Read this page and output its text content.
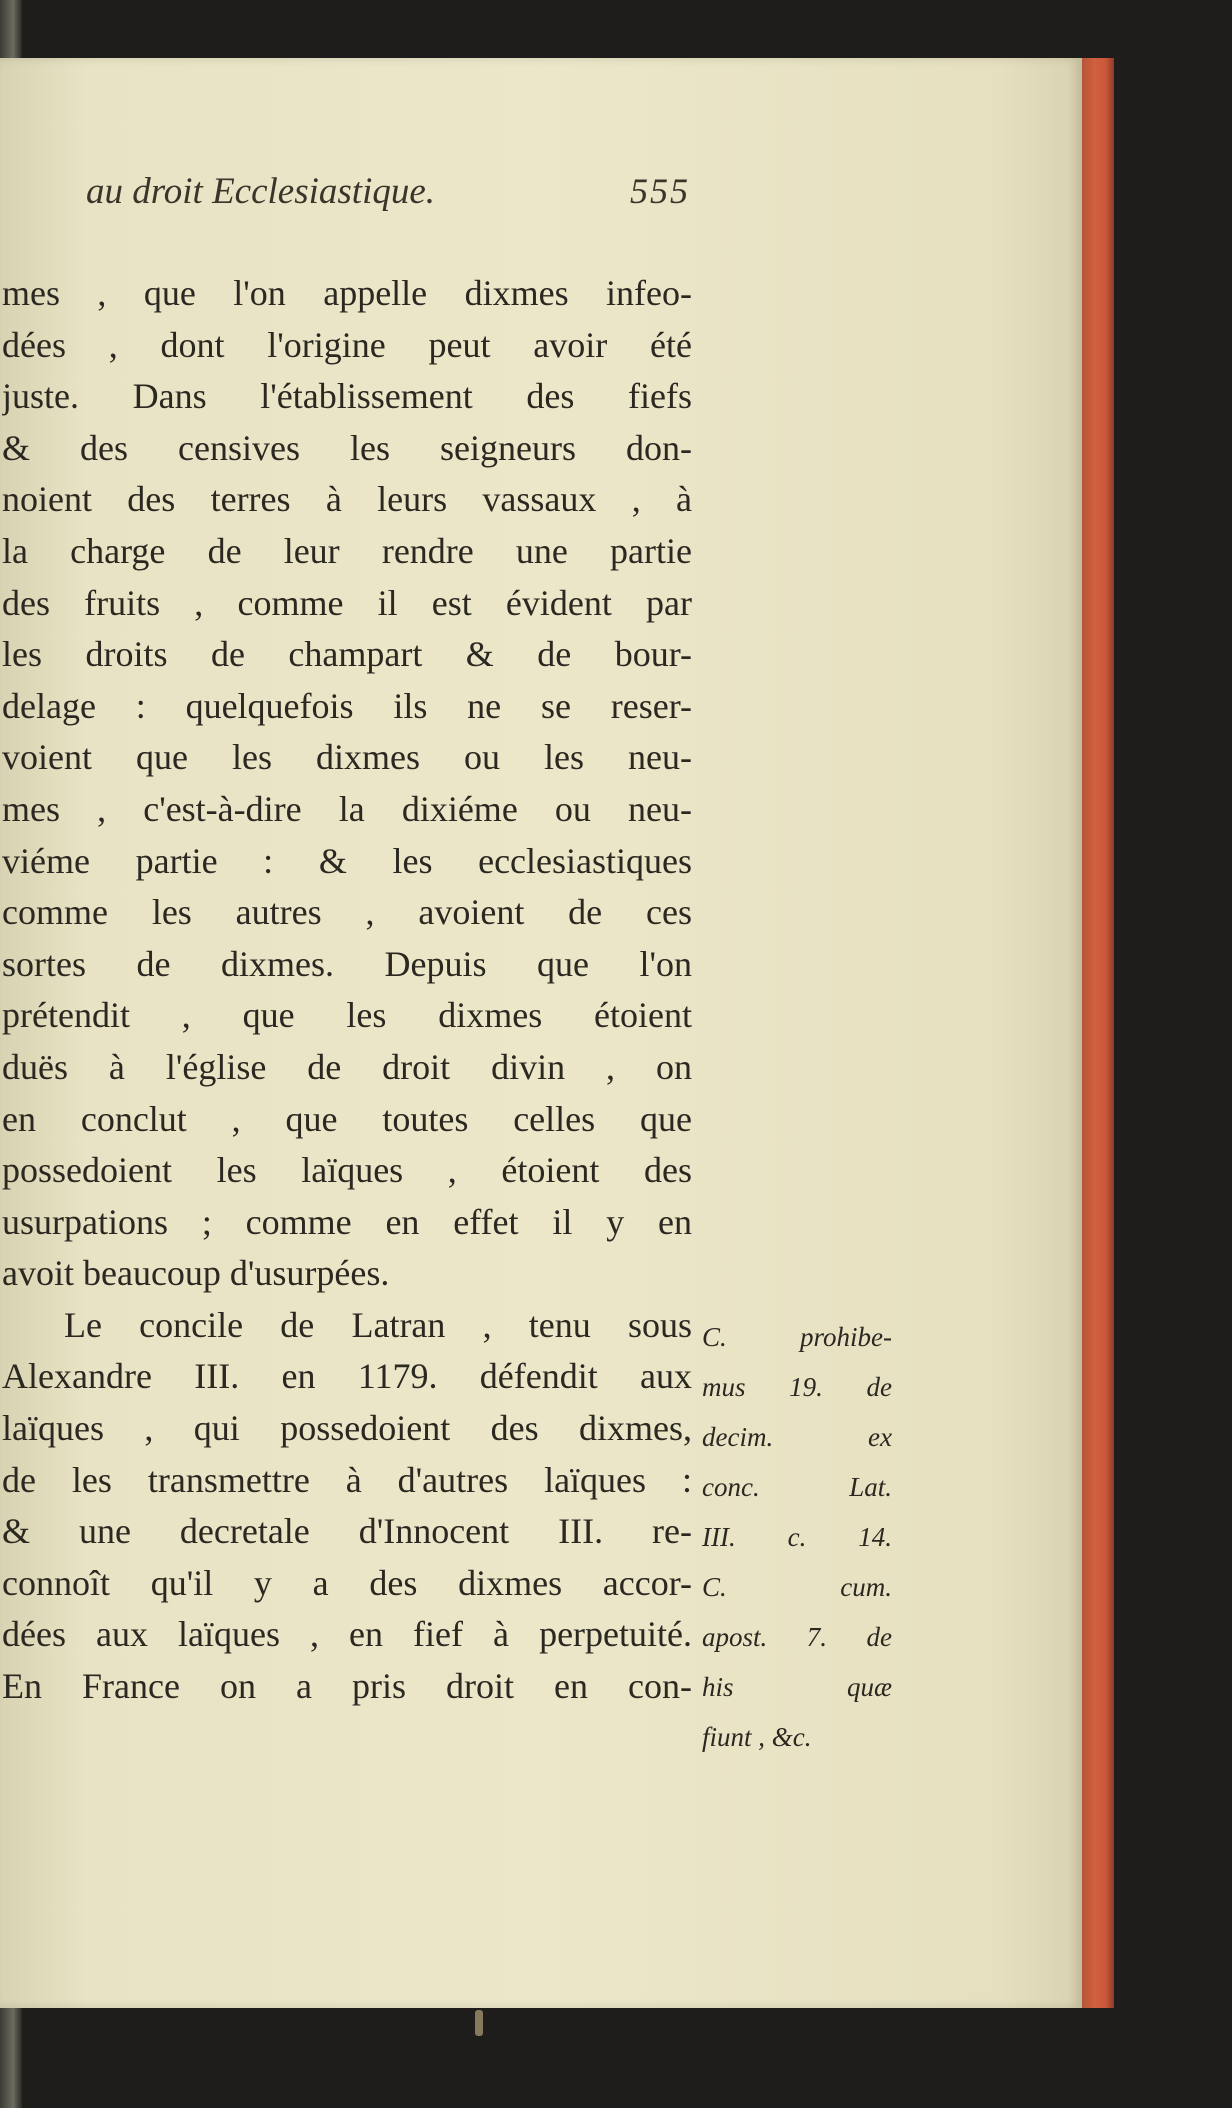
au droit Ecclesiastique.	555
mes , que l'on appelle dixmes infeo-
dées , dont l'origine peut avoir été
juste. Dans l'établissement des fiefs
& des censives les seigneurs don-
noient des terres à leurs vassaux , à
la charge de leur rendre une partie
des fruits , comme il est évident par
les droits de champart & de bour-
delage : quelquefois ils ne se reser-
voient que les dixmes ou les neu-
mes , c'est-à-dire la dixiéme ou neu-
viéme partie : & les ecclesiastiques
comme les autres , avoient de ces
sortes de dixmes. Depuis que l'on
prétendit , que les dixmes étoient
duës à l'église de droit divin , on
en conclut , que toutes celles que
possedoient les laïques , étoient des
usurpations ; comme en effet il y en
avoit beaucoup d'usurpées.
Le concile de Latran , tenu sous
Alexandre III. en 1179. défendit aux
laïques , qui possedoient des dixmes,
de les transmettre à d'autres laïques :
& une decretale d'Innocent III. re-
connoît qu'il y a des dixmes accor-
dées aux laïques , en fief à perpetuité.
En France on a pris droit en con-
C. prohibe-
mus 19. de
decim. ex
conc. Lat.
III. c. 14.
C. cum.
apost. 7. de
his quæ
fiunt , &c.
